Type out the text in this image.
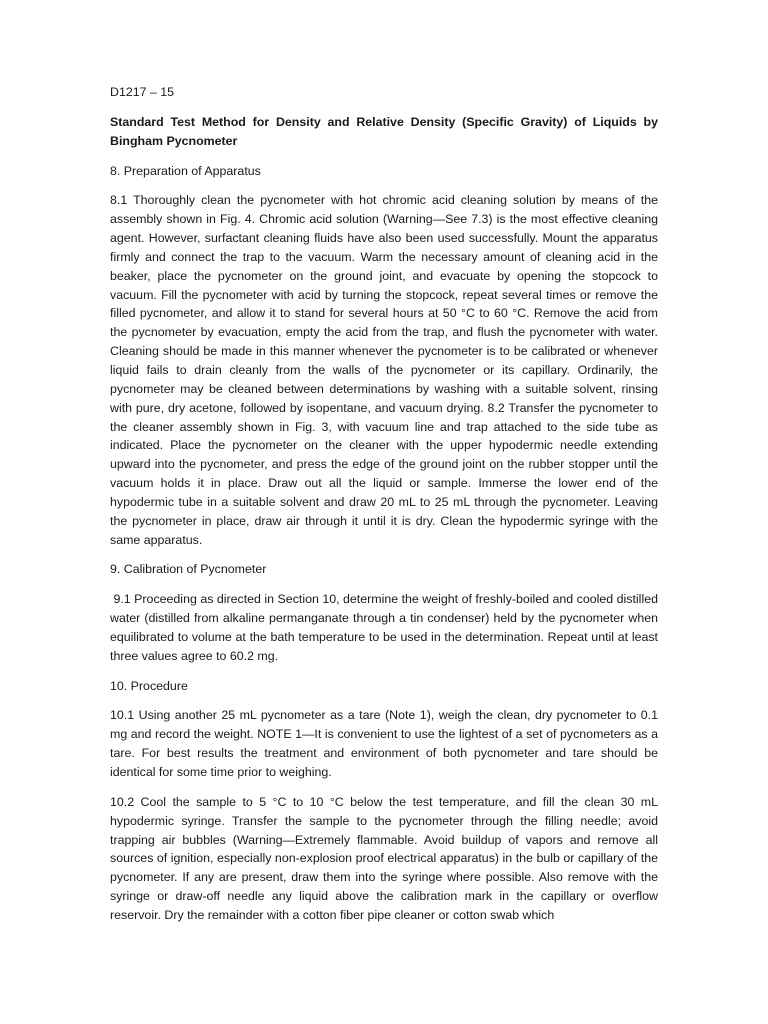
D1217 – 15

Standard Test Method for Density and Relative Density (Specific Gravity) of Liquids by Bingham Pycnometer

8. Preparation of Apparatus

8.1 Thoroughly clean the pycnometer with hot chromic acid cleaning solution by means of the assembly shown in Fig. 4. Chromic acid solution (Warning—See 7.3) is the most effective cleaning agent. However, surfactant cleaning fluids have also been used successfully. Mount the apparatus firmly and connect the trap to the vacuum. Warm the necessary amount of cleaning acid in the beaker, place the pycnometer on the ground joint, and evacuate by opening the stopcock to vacuum. Fill the pycnometer with acid by turning the stopcock, repeat several times or remove the filled pycnometer, and allow it to stand for several hours at 50 °C to 60 °C. Remove the acid from the pycnometer by evacuation, empty the acid from the trap, and flush the pycnometer with water. Cleaning should be made in this manner whenever the pycnometer is to be calibrated or whenever liquid fails to drain cleanly from the walls of the pycnometer or its capillary. Ordinarily, the pycnometer may be cleaned between determinations by washing with a suitable solvent, rinsing with pure, dry acetone, followed by isopentane, and vacuum drying. 8.2 Transfer the pycnometer to the cleaner assembly shown in Fig. 3, with vacuum line and trap attached to the side tube as indicated. Place the pycnometer on the cleaner with the upper hypodermic needle extending upward into the pycnometer, and press the edge of the ground joint on the rubber stopper until the vacuum holds it in place. Draw out all the liquid or sample. Immerse the lower end of the hypodermic tube in a suitable solvent and draw 20 mL to 25 mL through the pycnometer. Leaving the pycnometer in place, draw air through it until it is dry. Clean the hypodermic syringe with the same apparatus.

9. Calibration of Pycnometer

9.1 Proceeding as directed in Section 10, determine the weight of freshly-boiled and cooled distilled water (distilled from alkaline permanganate through a tin condenser) held by the pycnometer when equilibrated to volume at the bath temperature to be used in the determination. Repeat until at least three values agree to 60.2 mg.

10. Procedure

10.1 Using another 25 mL pycnometer as a tare (Note 1), weigh the clean, dry pycnometer to 0.1 mg and record the weight. NOTE 1—It is convenient to use the lightest of a set of pycnometers as a tare. For best results the treatment and environment of both pycnometer and tare should be identical for some time prior to weighing.

10.2 Cool the sample to 5 °C to 10 °C below the test temperature, and fill the clean 30 mL hypodermic syringe. Transfer the sample to the pycnometer through the filling needle; avoid trapping air bubbles (Warning—Extremely flammable. Avoid buildup of vapors and remove all sources of ignition, especially non-explosion proof electrical apparatus) in the bulb or capillary of the pycnometer. If any are present, draw them into the syringe where possible. Also remove with the syringe or draw-off needle any liquid above the calibration mark in the capillary or overflow reservoir. Dry the remainder with a cotton fiber pipe cleaner or cotton swab which
